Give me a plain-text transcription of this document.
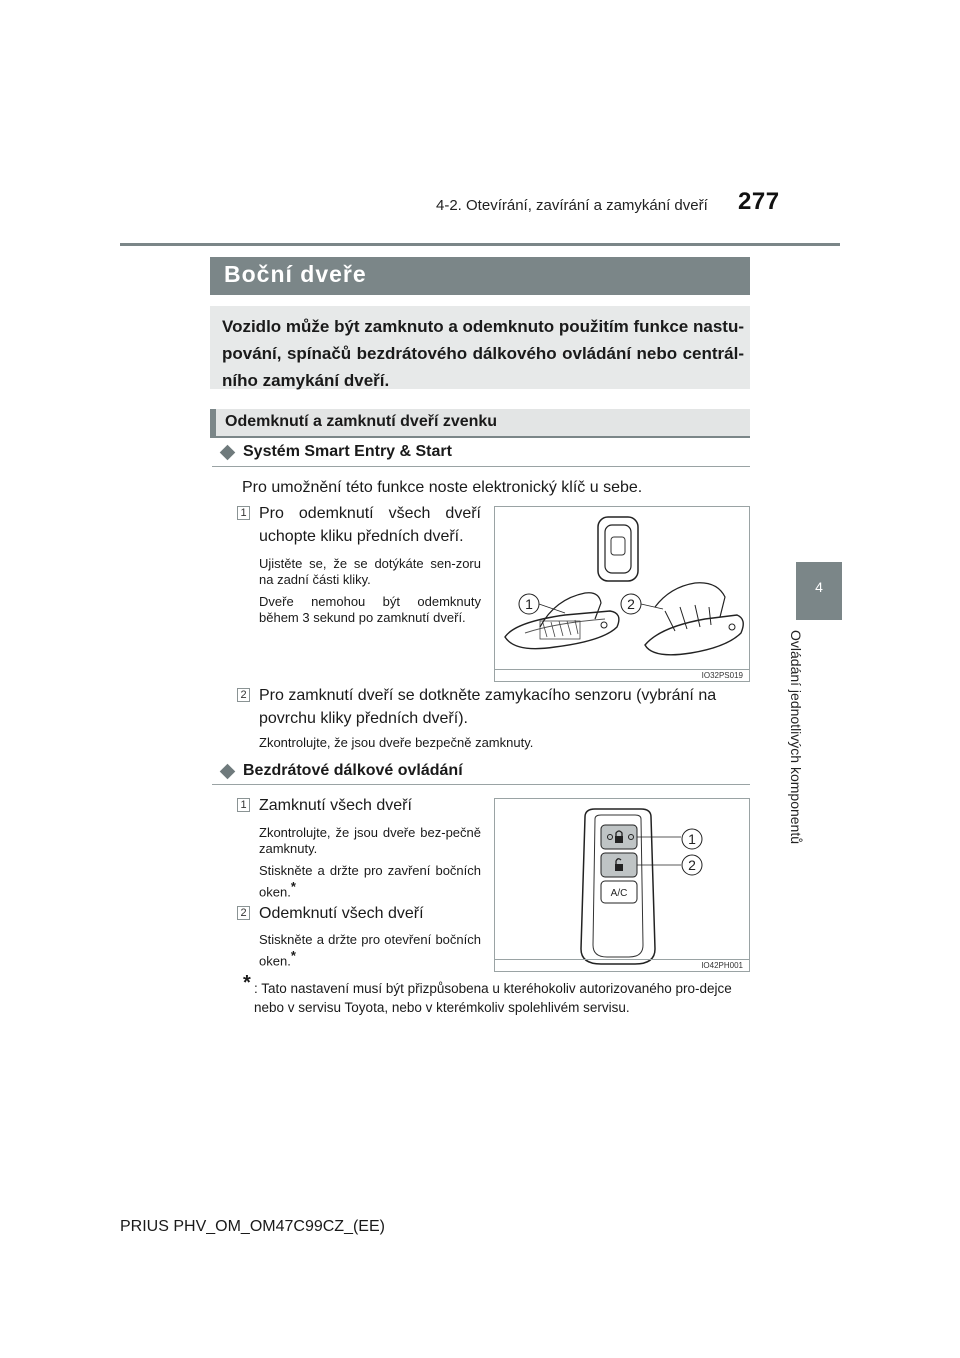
4-2. Otevírání, zavírání a zamykání dveří 277
4
Ovládání jednotlivých komponentů
Boční dveře
Vozidlo může být zamknuto a odemknuto použitím funkce nastu-pování, spínačů bezdrátového dálkového ovládání nebo centrál-ního zamykání dveří.
Odemknutí a zamknutí dveří zvenku
Systém Smart Entry & Start
Pro umožnění této funkce noste elektronický klíč u sebe.
1 Pro odemknutí všech dveří uchopte kliku předních dveří.
Ujistěte se, že se dotýkáte sen-zoru na zadní části kliky.
Dveře nemohou být odemknuty během 3 sekund po zamknutí dveří.
1	2
IO32PS019
2 Pro zamknutí dveří se dotkněte zamykacího senzoru (vybrání na povrchu kliky předních dveří).
Zkontrolujte, že jsou dveře bezpečně zamknuty.
Bezdrátové dálkové ovládání
1 Zamknutí všech dveří
Zkontrolujte, že jsou dveře bez-pečně zamknuty.
Stiskněte a držte pro zavření bočních oken.*
2 Odemknutí všech dveří
Stiskněte a držte pro otevření bočních oken.*
A/C
1
2
IO42PH001
* : Tato nastavení musí být přizpůsobena u kteréhokoliv autorizovaného pro-dejce nebo v servisu Toyota, nebo v kterémkoliv spolehlivém servisu.
PRIUS PHV_OM_OM47C99CZ_(EE)
